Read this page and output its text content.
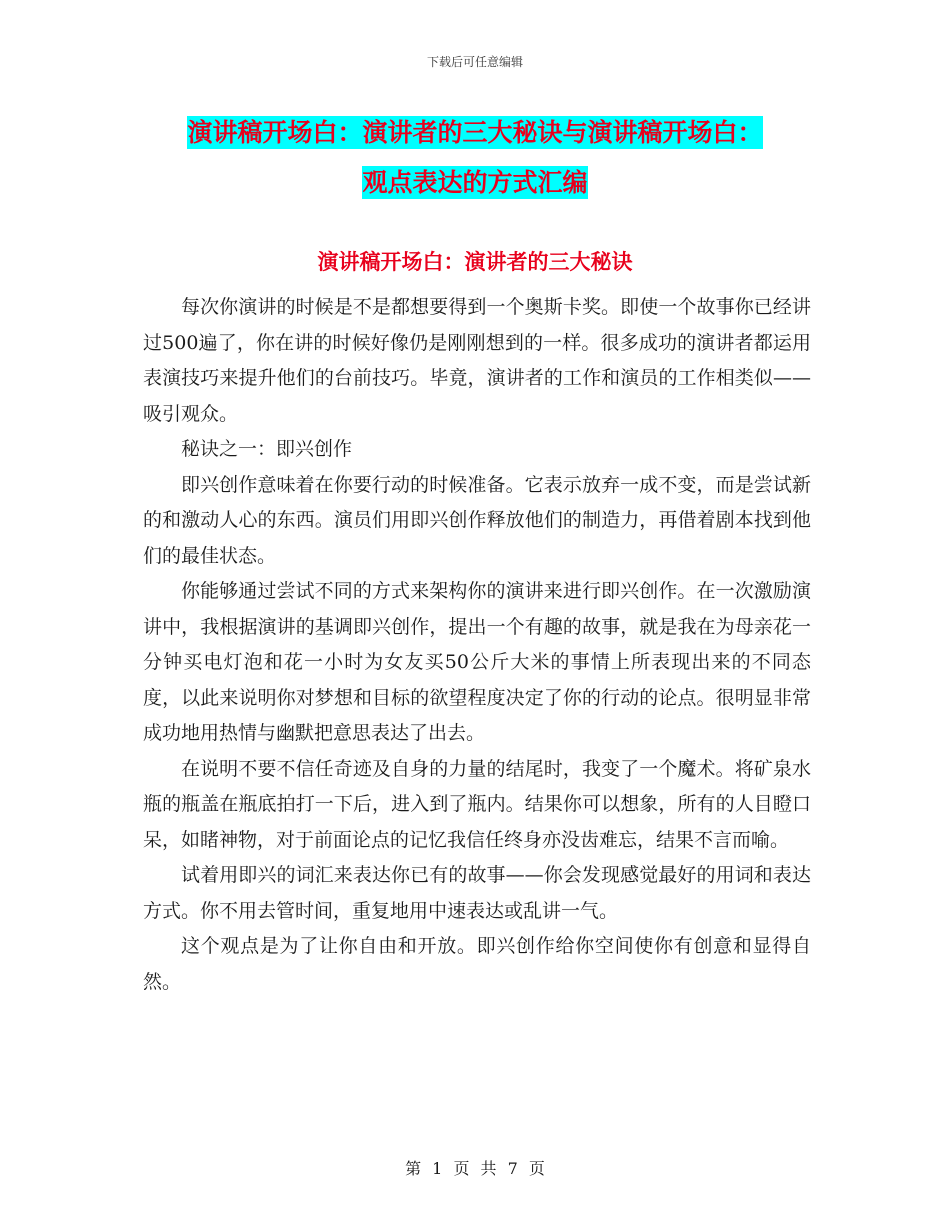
下载后可任意编辑
演讲稿开场白：演讲者的三大秘诀与演讲稿开场白：
观点表达的方式汇编
演讲稿开场白：演讲者的三大秘诀

每次你演讲的时候是不是都想要得到一个奥斯卡奖。即使一个故事你已经讲过500遍了，你在讲的时候好像仍是刚刚想到的一样。很多成功的演讲者都运用表演技巧来提升他们的台前技巧。毕竟，演讲者的工作和演员的工作相类似——吸引观众。

秘诀之一：即兴创作

即兴创作意味着在你要行动的时候准备。它表示放弃一成不变，而是尝试新的和激动人心的东西。演员们用即兴创作释放他们的制造力，再借着剧本找到他们的最佳状态。

你能够通过尝试不同的方式来架构你的演讲来进行即兴创作。在一次激励演讲中，我根据演讲的基调即兴创作，提出一个有趣的故事，就是我在为母亲花一分钟买电灯泡和花一小时为女友买50公斤大米的事情上所表现出来的不同态度，以此来说明你对梦想和目标的欲望程度决定了你的行动的论点。很明显非常成功地用热情与幽默把意思表达了出去。

在说明不要不信任奇迹及自身的力量的结尾时，我变了一个魔术。将矿泉水瓶的瓶盖在瓶底拍打一下后，进入到了瓶内。结果你可以想象，所有的人目瞪口呆，如睹神物，对于前面论点的记忆我信任终身亦没齿难忘，结果不言而喻。

试着用即兴的词汇来表达你已有的故事——你会发现感觉最好的用词和表达方式。你不用去管时间，重复地用中速表达或乱讲一气。

这个观点是为了让你自由和开放。即兴创作给你空间使你有创意和显得自然。

第 1 页 共 7 页
